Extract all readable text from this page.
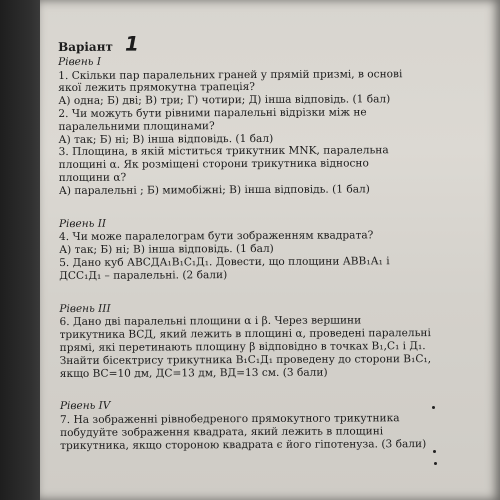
Варіант 1
Рівень І
1. Скільки пар паралельних граней у прямій призмі, в основі
якої лежить прямокутна трапеція?
А) одна; Б) дві; В) три; Г) чотири; Д) інша відповідь. (1 бал)
2. Чи можуть бути рівними паралельні відрізки між не
паралельними площинами?
А) так; Б) ні; В) інша відповідь. (1 бал)
3. Площина, в якій міститься трикутник MNK, паралельна
площині α. Як розміщені сторони трикутника відносно
площини α?
А) паралельні ; Б) мимобіжні; В) інша відповідь. (1 бал)
Рівень ІІ
4. Чи може паралелограм бути зображенням квадрата?
А) так; Б) ні; В) інша відповідь. (1 бал)
5. Дано куб АВСДА₁В₁С₁Д₁. Довести, що площини АВВ₁А₁ і
ДСС₁Д₁ – паралельні. (2 бали)
Рівень ІІІ
6. Дано дві паралельні площини α і β. Через вершини
трикутника ВСД, який лежить в площині α, проведені паралельні
прямі, які перетинають площину β відповідно в точках В₁,С₁ і Д₁.
Знайти бісектрису трикутника В₁С₁Д₁ проведену до сторони В₁С₁,
якщо ВС=10 дм, ДС=13 дм, ВД=13 см. (3 бали)
Рівень ІV
7. На зображенні рівнобедреного прямокутного трикутника
побудуйте зображення квадрата, який лежить в площині
трикутника, якщо стороною квадрата є його гіпотенуза. (3 бали)
